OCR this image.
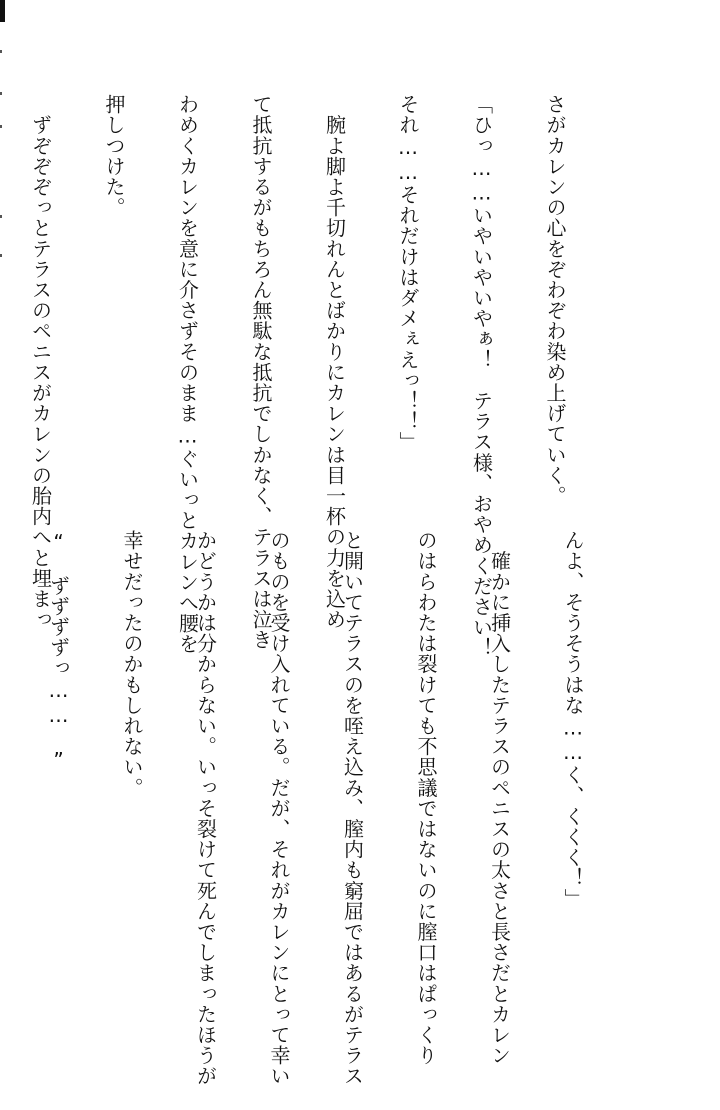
さがカレンの心をぞわぞわ染め上げていく。

「ひっ……いやいやいやぁ！　テラス様、おやめください！

それ……それだけはダメぇえっ！！」

　腕よ脚よ千切れんとばかりにカレンは目一杯の力を込め

て抵抗するがもちろん無駄な抵抗でしかなく、テラスは泣き

わめくカレンを意に介さずそのまま…ぐいっとカレンへ腰を

押しつけた。

　ずぞぞぞっとテラスのペニスがカレンの胎内へと埋まっ

んよ、そうそうはな……く、くくく！」

　確かに挿入したテラスのペニスの太さと長さだとカレン

のはらわたは裂けても不思議ではないのに膣口はぱっくり

と開いてテラスのを咥え込み、膣内も窮屈ではあるがテラス

のものを受け入れている。だが、それがカレンにとって幸い

かどうかは分からない。いっそ裂けて死んでしまったほうが

幸せだったのかもしれない。

“　ずずずずっ……　”
